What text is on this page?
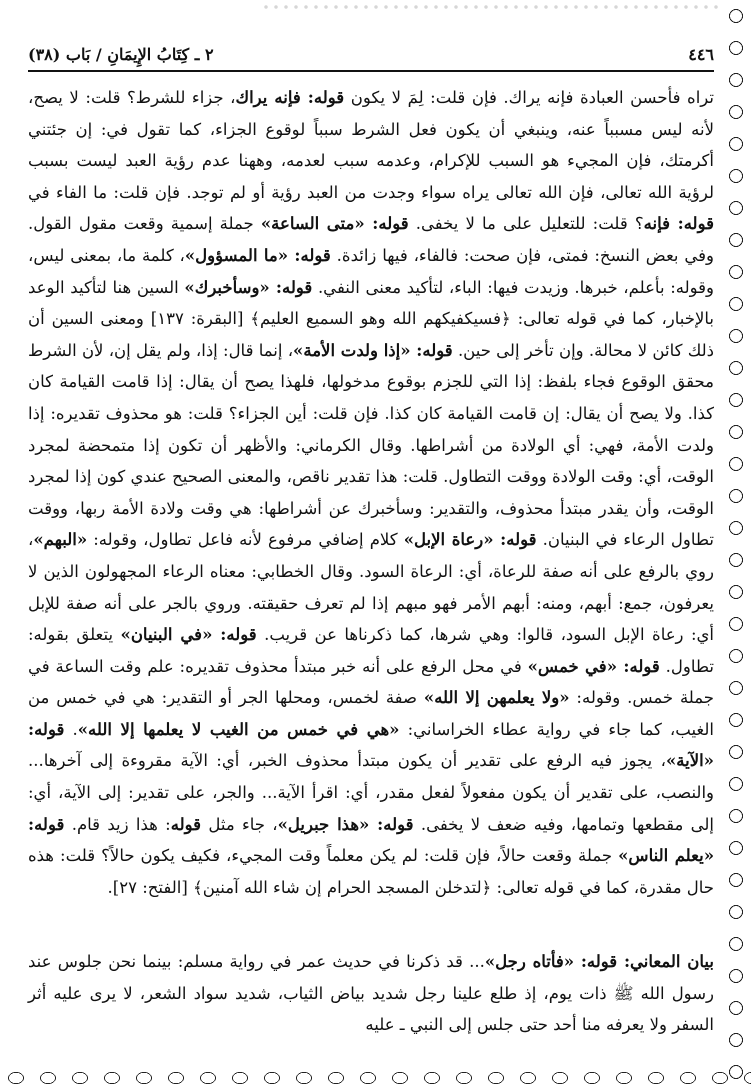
٤٤٦
٢ ـ كِتَابُ الإِيمَانِ / بَاب (٣٨)

تراه فأحسن العبادة فإنه يراك. فإن قلت: لِمَ لا يكون قوله: فإنه يراك، جزاء للشرط؟ قلت: لا يصح، لأنه ليس مسبباً عنه، وينبغي أن يكون فعل الشرط سبباً لوقوع الجزاء، كما تقول في: إن جئتني أكرمتك، فإن المجيء هو السبب للإكرام، وعدمه سبب لعدمه، وههنا عدم رؤية العبد ليست بسبب لرؤية الله تعالى، فإن الله تعالى يراه سواء وجدت من العبد رؤية أو لم توجد. فإن قلت: ما الفاء في قوله: فإنه؟ قلت: للتعليل على ما لا يخفى. قوله: «متى الساعة» جملة إسمية وقعت مقول القول. وفي بعض النسخ: فمتى، فإن صحت: فالفاء، فيها زائدة. قوله: «ما المسؤول»، كلمة ما، بمعنى ليس، وقوله: بأعلم، خبرها. وزيدت فيها: الباء، لتأكيد معنى النفي. قوله: «وسأخبرك» السين هنا لتأكيد الوعد بالإخبار، كما في قوله تعالى: ﴿فسيكفيكهم الله وهو السميع العليم﴾ [البقرة: ١٣٧] ومعنى السين أن ذلك كائن لا محالة. وإن تأخر إلى حين. قوله: «إذا ولدت الأمة»، إنما قال: إذا، ولم يقل إن، لأن الشرط محقق الوقوع فجاء بلفظ: إذا التي للجزم بوقوع مدخولها، فلهذا يصح أن يقال: إذا قامت القيامة كان كذا. ولا يصح أن يقال: إن قامت القيامة كان كذا. فإن قلت: أين الجزاء؟ قلت: هو محذوف تقديره: إذا ولدت الأمة، فهي: أي الولادة من أشراطها. وقال الكرماني: والأظهر أن تكون إذا متمحضة لمجرد الوقت، أي: وقت الولادة ووقت التطاول. قلت: هذا تقدير ناقص، والمعنى الصحيح عندي كون إذا لمجرد الوقت، وأن يقدر مبتدأ محذوف، والتقدير: وسأخبرك عن أشراطها: هي وقت ولادة الأمة ربها، ووقت تطاول الرعاء في البنيان. قوله: «رعاة الإبل» كلام إضافي مرفوع لأنه فاعل تطاول، وقوله: «البهم»، روي بالرفع على أنه صفة للرعاة، أي: الرعاة السود. وقال الخطابي: معناه الرعاء المجهولون الذين لا يعرفون، جمع: أبهم، ومنه: أبهم الأمر فهو مبهم إذا لم تعرف حقيقته. وروي بالجر على أنه صفة للإبل أي: رعاة الإبل السود، قالوا: وهي شرها، كما ذكرناها عن قريب. قوله: «في البنيان» يتعلق بقوله: تطاول. قوله: «في خمس» في محل الرفع على أنه خبر مبتدأ محذوف تقديره: علم وقت الساعة في جملة خمس. وقوله: «ولا يعلمهن إلا الله» صفة لخمس، ومحلها الجر أو التقدير: هي في خمس من الغيب، كما جاء في رواية عطاء الخراساني: «هي في خمس من الغيب لا يعلمها إلا الله». قوله: «الآية»، يجوز فيه الرفع على تقدير أن يكون مبتدأ محذوف الخبر، أي: الآية مقروءة إلى آخرها... والنصب، على تقدير أن يكون مفعولاً لفعل مقدر، أي: اقرأ الآية... والجر، على تقدير: إلى الآية، أي: إلى مقطعها وتمامها، وفيه ضعف لا يخفى. قوله: «هذا جبريل»، جاء مثل قوله: هذا زيد قام. قوله: «يعلم الناس» جملة وقعت حالاً، فإن قلت: لم يكن معلماً وقت المجيء، فكيف يكون حالاً؟ قلت: هذه حال مقدرة، كما في قوله تعالى: ﴿لتدخلن المسجد الحرام إن شاء الله آمنين﴾ [الفتح: ٢٧].

بيان المعاني: قوله: «فأتاه رجل»... قد ذكرنا في حديث عمر في رواية مسلم: بينما نحن جلوس عند رسول الله ﷺ ذات يوم، إذ طلع علينا رجل شديد بياض الثياب، شديد سواد الشعر، لا يرى عليه أثر السفر ولا يعرفه منا أحد حتى جلس إلى النبي ـ عليه
